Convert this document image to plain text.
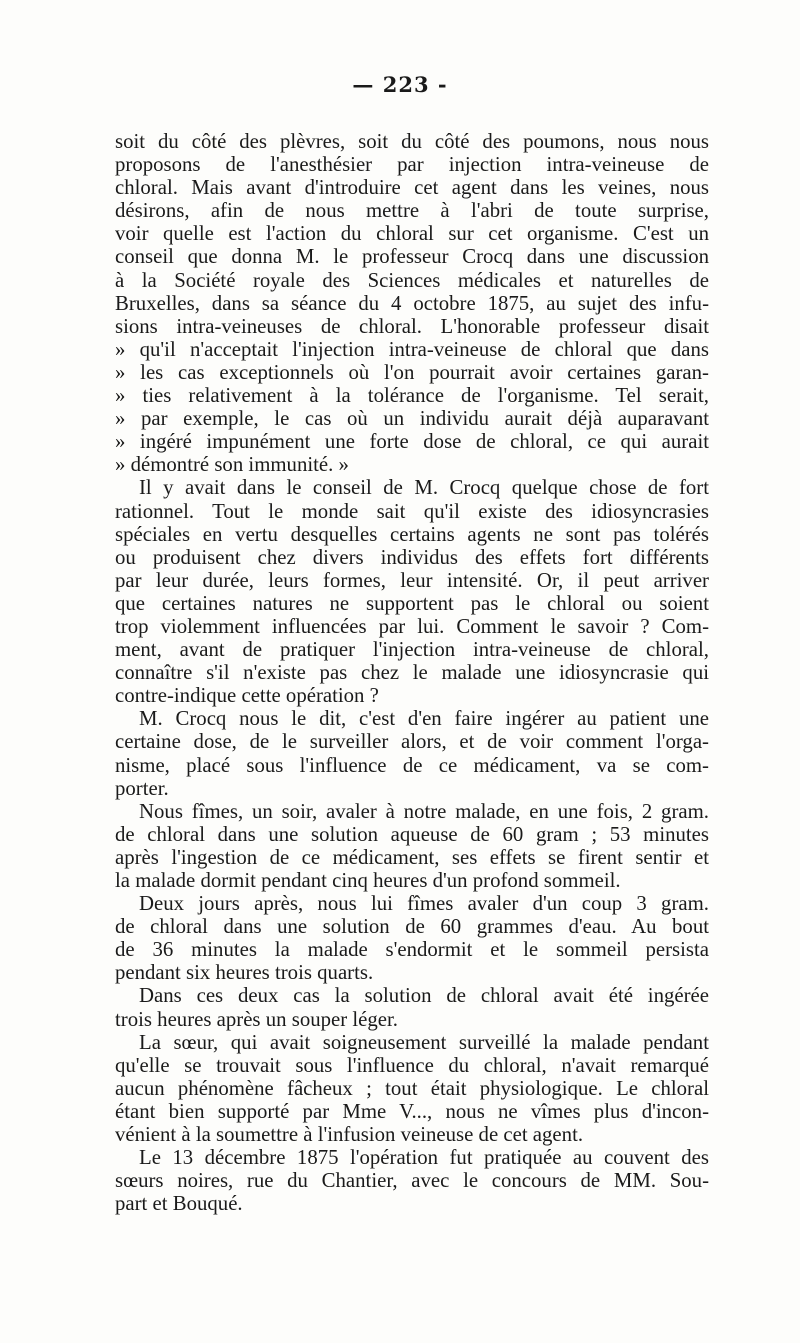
— 223 -
soit du côté des plèvres, soit du côté des poumons, nous nous
proposons de l'anesthésier par injection intra-veineuse de
chloral. Mais avant d'introduire cet agent dans les veines, nous
désirons, afin de nous mettre à l'abri de toute surprise,
voir quelle est l'action du chloral sur cet organisme. C'est un
conseil que donna M. le professeur Crocq dans une discussion
à la Société royale des Sciences médicales et naturelles de
Bruxelles, dans sa séance du 4 octobre 1875, au sujet des infu-
sions intra-veineuses de chloral. L'honorable professeur disait
» qu'il n'acceptait l'injection intra-veineuse de chloral que dans
» les cas exceptionnels où l'on pourrait avoir certaines garan-
» ties relativement à la tolérance de l'organisme. Tel serait,
» par exemple, le cas où un individu aurait déjà auparavant
» ingéré impunément une forte dose de chloral, ce qui aurait
» démontré son immunité. »
Il y avait dans le conseil de M. Crocq quelque chose de fort
rationnel. Tout le monde sait qu'il existe des idiosyncrasies
spéciales en vertu desquelles certains agents ne sont pas tolérés
ou produisent chez divers individus des effets fort différents
par leur durée, leurs formes, leur intensité. Or, il peut arriver
que certaines natures ne supportent pas le chloral ou soient
trop violemment influencées par lui. Comment le savoir ? Com-
ment, avant de pratiquer l'injection intra-veineuse de chloral,
connaître s'il n'existe pas chez le malade une idiosyncrasie qui
contre-indique cette opération ?
M. Crocq nous le dit, c'est d'en faire ingérer au patient une
certaine dose, de le surveiller alors, et de voir comment l'orga-
nisme, placé sous l'influence de ce médicament, va se com-
porter.
Nous fîmes, un soir, avaler à notre malade, en une fois, 2 gram.
de chloral dans une solution aqueuse de 60 gram ; 53 minutes
après l'ingestion de ce médicament, ses effets se firent sentir et
la malade dormit pendant cinq heures d'un profond sommeil.
Deux jours après, nous lui fîmes avaler d'un coup 3 gram.
de chloral dans une solution de 60 grammes d'eau. Au bout
de 36 minutes la malade s'endormit et le sommeil persista
pendant six heures trois quarts.
Dans ces deux cas la solution de chloral avait été ingérée
trois heures après un souper léger.
La sœur, qui avait soigneusement surveillé la malade pendant
qu'elle se trouvait sous l'influence du chloral, n'avait remarqué
aucun phénomène fâcheux ; tout était physiologique. Le chloral
étant bien supporté par Mme V..., nous ne vîmes plus d'incon-
vénient à la soumettre à l'infusion veineuse de cet agent.
Le 13 décembre 1875 l'opération fut pratiquée au couvent des
sœurs noires, rue du Chantier, avec le concours de MM. Sou-
part et Bouqué.
